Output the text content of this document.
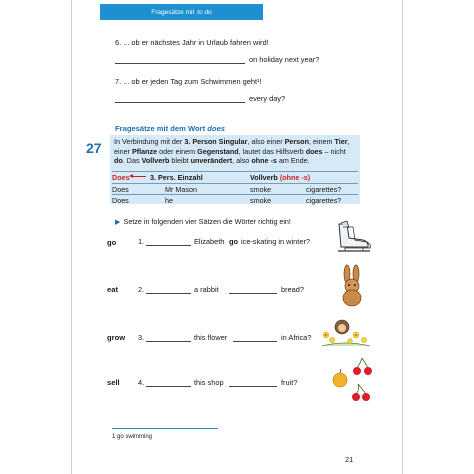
Fragesätze mit to do
6. ... ob er nächstes Jahr in Urlaub fahren wird!
on holiday next year?
7. ... ob er jeden Tag zum Schwimmen geht¹!
every day?
27
Fragesätze mit dem Wort does
In Verbindung mit der 3. Person Singular, also einer Person, einem Tier, einer Pflanze oder einem Gegenstand, lautet das Hilfsverb does – nicht do. Das Vollverb bleibt unverändert, also ohne -s am Ende.
Does	3. Pers. Einzahl	Vollverb (ohne -s)
Does	Mr Mason	smoke	cigarettes?
Does	he	smoke	cigarettes?
▶ Setze in folgenden vier Sätzen die Wörter richtig ein!
go	1.	Elizabeth go ice-skating in winter?
eat	2.	a rabbit	bread?
grow 3.	this flower	in Africa?
sell 4.	this shop	fruit?
1 go swimming
21
